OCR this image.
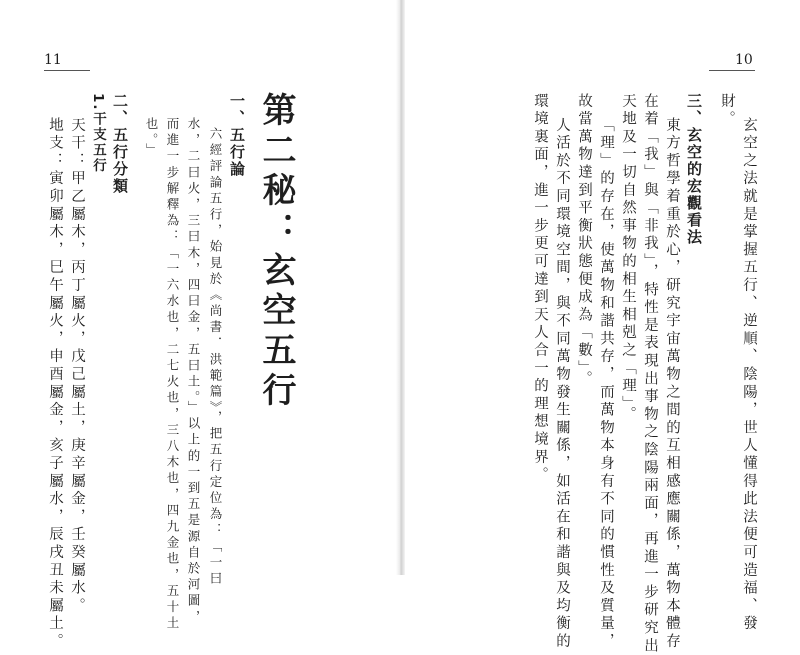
11
第二秘：玄空五行
一、五行論
六經評論五行，始見於《尚書．洪範篇》，把五行定位為：「一曰
水，二曰火，三曰木，四曰金，五曰土。」以上的一到五是源自於河圖，
而進一步解釋為：「一六水也，二七火也，三八木也，四九金也，五十土
也。」
二、五行分類
1.干支五行
天干：甲乙屬木，丙丁屬火，戊己屬土，庚辛屬金，壬癸屬水。
地支：寅卯屬木，巳午屬火，申酉屬金，亥子屬水，辰戌丑未屬土。
10
玄空之法就是掌握五行、逆順、陰陽，世人懂得此法便可造福、發
財。
三、玄空的宏觀看法
東方哲學着重於心，研究宇宙萬物之間的互相感應關係，萬物本體存
在着「我」與「非我」，特性是表現出事物之陰陽兩面，再進一步研究出
天地及一切自然事物的相生相剋之「理」。
「理」的存在，使萬物和諧共存，而萬物本身有不同的慣性及質量，
故當萬物達到平衡狀態便成為「數」。
人活於不同環境空間，與不同萬物發生關係，如活在和諧與及均衡的
環境裏面，進一步更可達到天人合一的理想境界。
